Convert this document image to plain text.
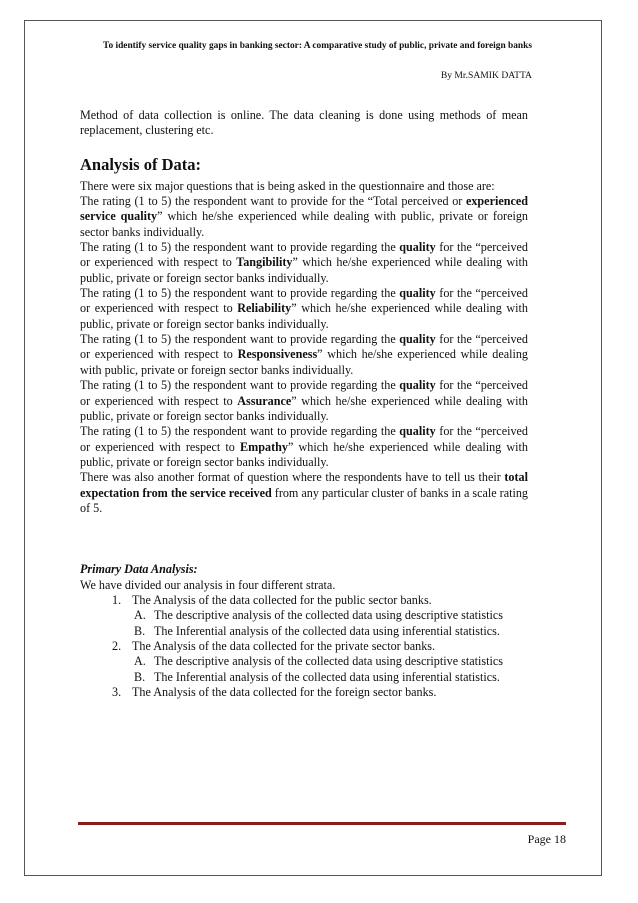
To identify service quality gaps in banking sector: A comparative study of public, private and foreign banks
By Mr.SAMIK DATTA

Method of data collection is online. The data cleaning is done using methods of mean replacement, clustering etc.

Analysis of Data:

There were six major questions that is being asked in the questionnaire and those are:

The rating (1 to 5) the respondent want to provide for the “Total perceived or experienced service quality” which he/she experienced while dealing with public, private or foreign sector banks individually.

The rating (1 to 5) the respondent want to provide regarding the quality for the “perceived or experienced with respect to Tangibility” which he/she experienced while dealing with public, private or foreign sector banks individually.

The rating (1 to 5) the respondent want to provide regarding the quality for the “perceived or experienced with respect to Reliability” which he/she experienced while dealing with public, private or foreign sector banks individually.

The rating (1 to 5) the respondent want to provide regarding the quality for the “perceived or experienced with respect to Responsiveness” which he/she experienced while dealing with public, private or foreign sector banks individually.

The rating (1 to 5) the respondent want to provide regarding the quality for the “perceived or experienced with respect to Assurance” which he/she experienced while dealing with public, private or foreign sector banks individually.

The rating (1 to 5) the respondent want to provide regarding the quality for the “perceived or experienced with respect to Empathy” which he/she experienced while dealing with public, private or foreign sector banks individually.

There was also another format of question where the respondents have to tell us their total expectation from the service received from any particular cluster of banks in a scale rating of 5.

Primary Data Analysis:

We have divided our analysis in four different strata.

1. The Analysis of the data collected for the public sector banks.
A. The descriptive analysis of the collected data using descriptive statistics
B. The Inferential analysis of the collected data using inferential statistics.
2. The Analysis of the data collected for the private sector banks.
A. The descriptive analysis of the collected data using descriptive statistics
B. The Inferential analysis of the collected data using inferential statistics.
3. The Analysis of the data collected for the foreign sector banks.
Page 18
